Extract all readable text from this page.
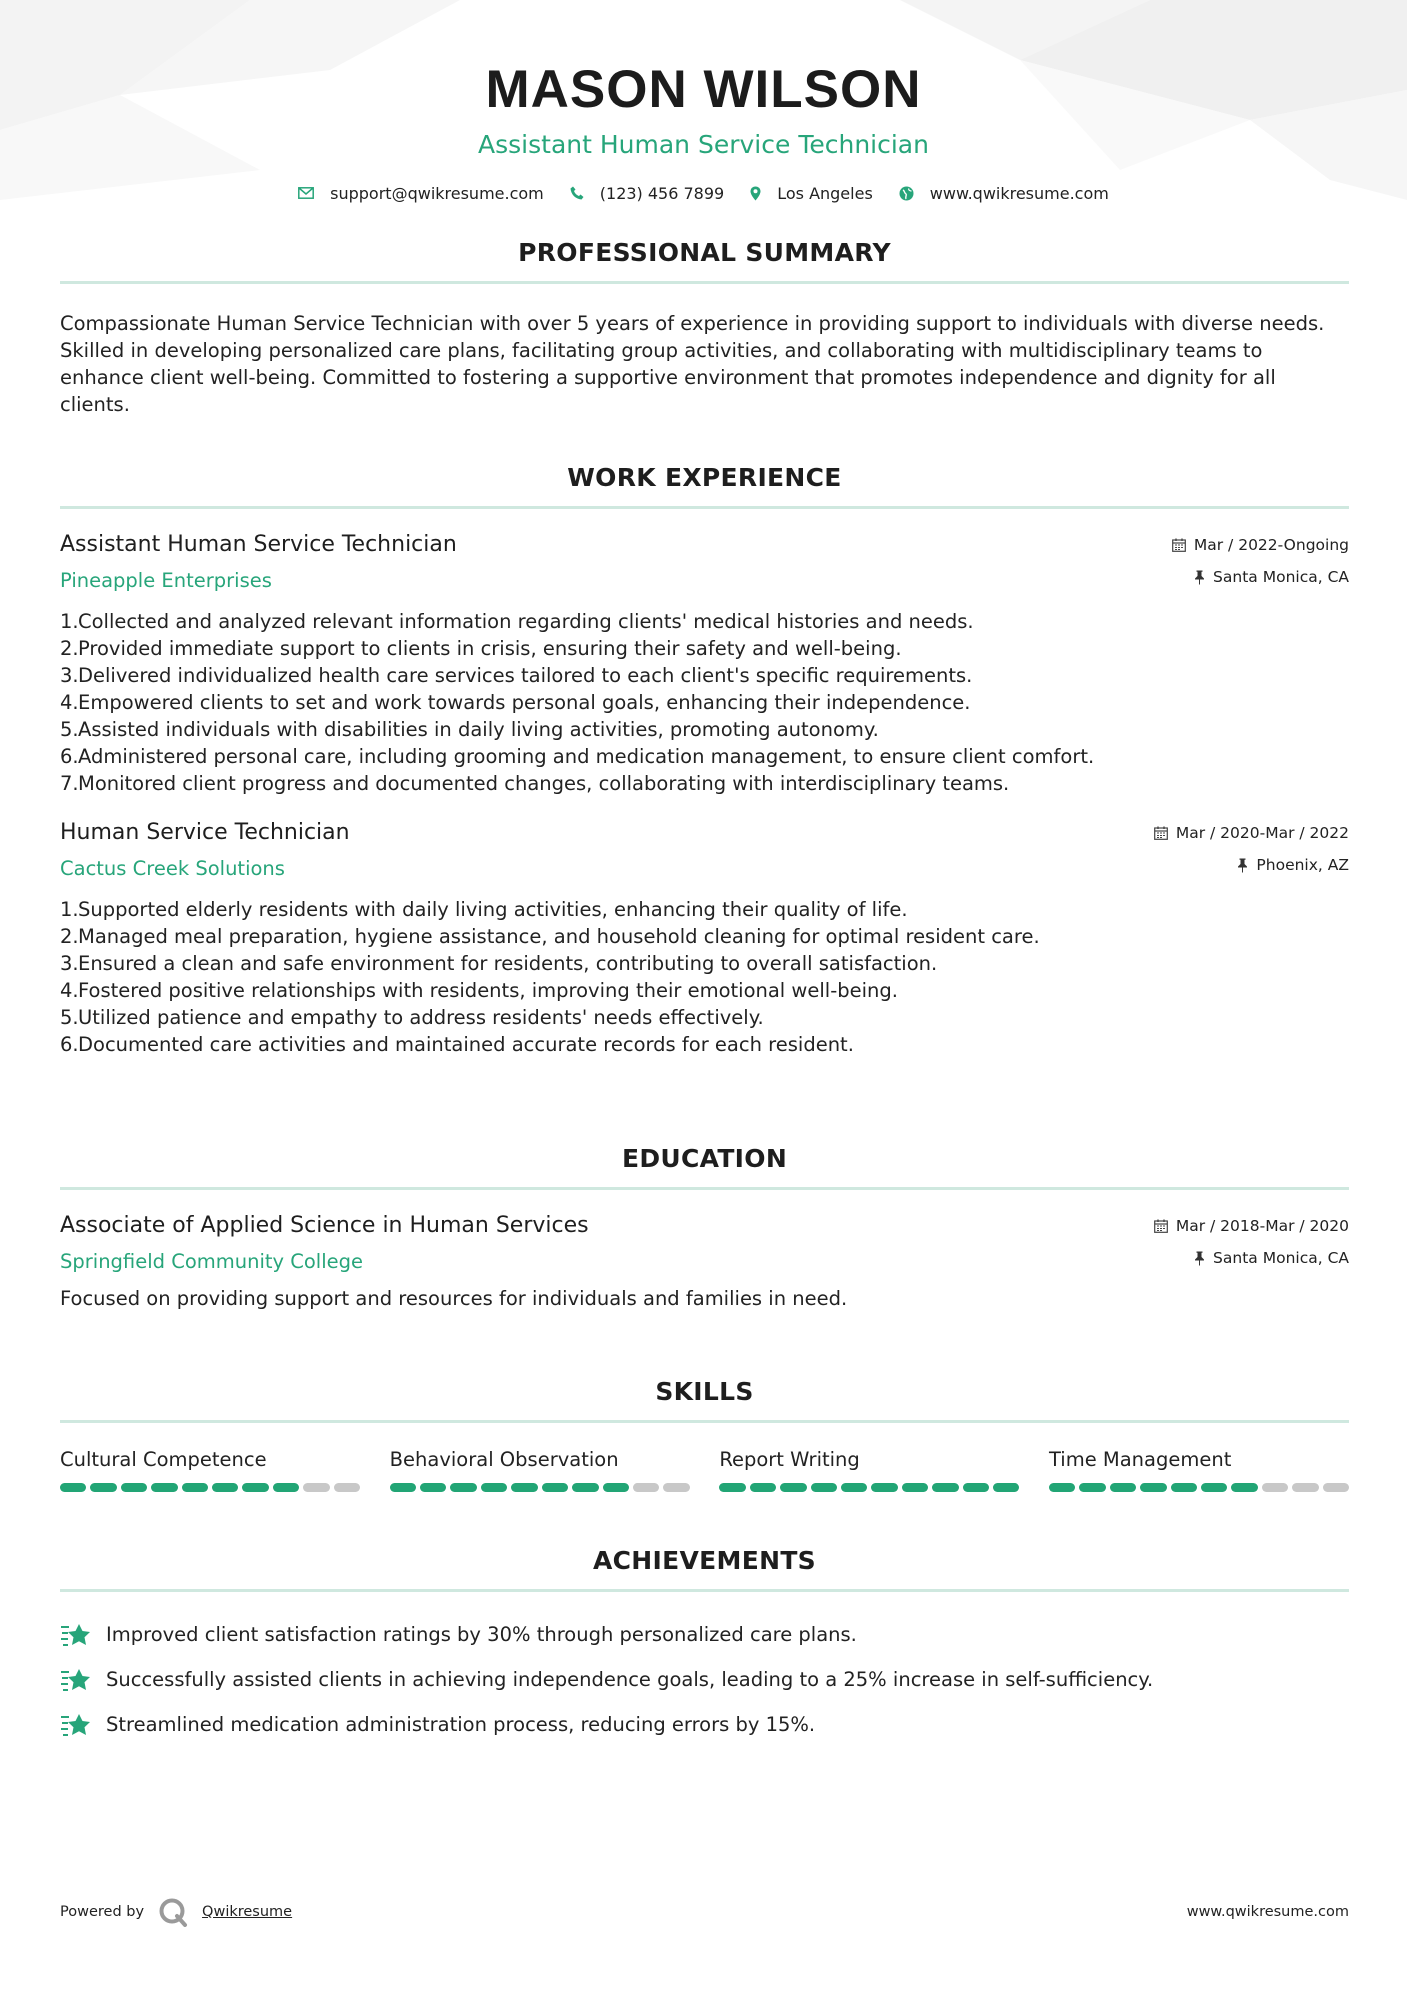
MASON WILSON
Assistant Human Service Technician
support@qwikresume.com	(123) 456 7899	Los Angeles	www.qwikresume.com
PROFESSIONAL SUMMARY
Compassionate Human Service Technician with over 5 years of experience in providing support to individuals with diverse needs. Skilled in developing personalized care plans, facilitating group activities, and collaborating with multidisciplinary teams to enhance client well-being. Committed to fostering a supportive environment that promotes independence and dignity for all clients.
WORK EXPERIENCE
Assistant Human Service Technician
Pineapple Enterprises
Mar / 2022-Ongoing
Santa Monica, CA
1. Collected and analyzed relevant information regarding clients' medical histories and needs.
2. Provided immediate support to clients in crisis, ensuring their safety and well-being.
3. Delivered individualized health care services tailored to each client's specific requirements.
4. Empowered clients to set and work towards personal goals, enhancing their independence.
5. Assisted individuals with disabilities in daily living activities, promoting autonomy.
6. Administered personal care, including grooming and medication management, to ensure client comfort.
7. Monitored client progress and documented changes, collaborating with interdisciplinary teams.
Human Service Technician
Cactus Creek Solutions
Mar / 2020-Mar / 2022
Phoenix, AZ
1. Supported elderly residents with daily living activities, enhancing their quality of life.
2. Managed meal preparation, hygiene assistance, and household cleaning for optimal resident care.
3. Ensured a clean and safe environment for residents, contributing to overall satisfaction.
4. Fostered positive relationships with residents, improving their emotional well-being.
5. Utilized patience and empathy to address residents' needs effectively.
6. Documented care activities and maintained accurate records for each resident.
EDUCATION
Associate of Applied Science in Human Services
Springfield Community College
Mar / 2018-Mar / 2020
Santa Monica, CA
Focused on providing support and resources for individuals and families in need.
SKILLS
Cultural Competence	Behavioral Observation	Report Writing	Time Management
ACHIEVEMENTS
Improved client satisfaction ratings by 30% through personalized care plans.
Successfully assisted clients in achieving independence goals, leading to a 25% increase in self-sufficiency.
Streamlined medication administration process, reducing errors by 15%.
Powered by	Qwikresume	www.qwikresume.com
